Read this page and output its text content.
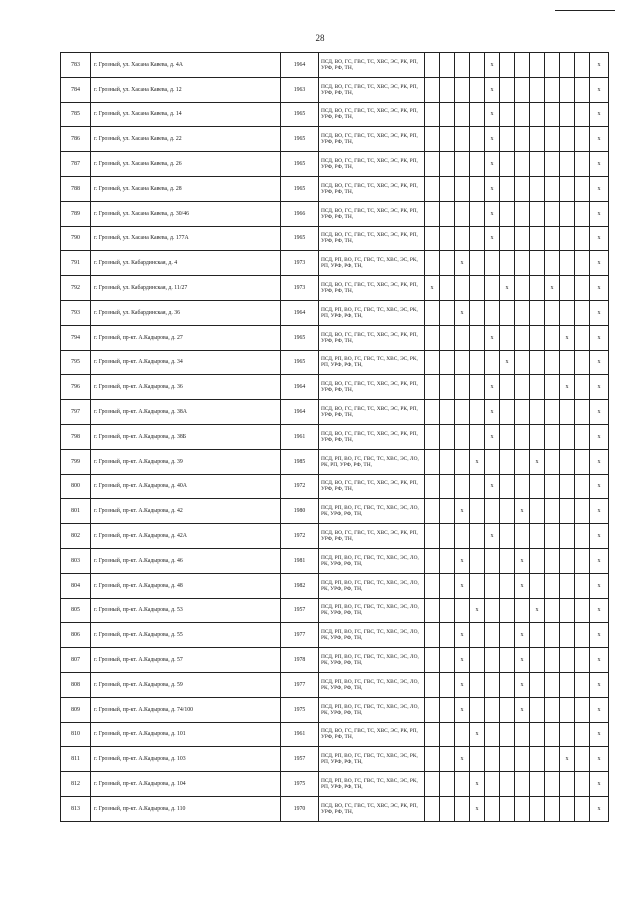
28
783	г. Грозный, ул. Хасана Кавева, д. 4А	1964	ПСД, ВО, ГС, ГВС, ТС, ХВС, ЭС, РК, РП, УРФ, РФ, ТН,					x							x
784	г. Грозный, ул. Хасана Кавева, д. 12	1963	ПСД, ВО, ГС, ГВС, ТС, ХВС, ЭС, РК, РП, УРФ, РФ, ТН,					x							x
785	г. Грозный, ул. Хасана Кавева, д. 14	1965	ПСД, ВО, ГС, ГВС, ТС, ХВС, ЭС, РК, РП, УРФ, РФ, ТН,					x							x
786	г. Грозный, ул. Хасана Кавева, д. 22	1965	ПСД, ВО, ГС, ГВС, ТС, ХВС, ЭС, РК, РП, УРФ, РФ, ТН,					x							x
787	г. Грозный, ул. Хасана Кавева, д. 26	1965	ПСД, ВО, ГС, ГВС, ТС, ХВС, ЭС, РК, РП, УРФ, РФ, ТН,					x							x
788	г. Грозный, ул. Хасана Кавева, д. 28	1965	ПСД, ВО, ГС, ГВС, ТС, ХВС, ЭС, РК, РП, УРФ, РФ, ТН,					x							x
789	г. Грозный, ул. Хасана Кавева, д. 30/46	1966	ПСД, ВО, ГС, ГВС, ТС, ХВС, ЭС, РК, РП, УРФ, РФ, ТН,					x							x
790	г. Грозный, ул. Хасана Кавева, д. 177А	1965	ПСД, ВО, ГС, ГВС, ТС, ХВС, ЭС, РК, РП, УРФ, РФ, ТН,					x							x
791	г. Грозный, ул. Кабардинская, д. 4	1973	ПСД, РП, ВО, ГС, ГВС, ТС, ХВС, ЭС, РК, РП, УРФ, РФ, ТН,			x									x
792	г. Грозный, ул. Кабардинская, д. 11/27	1973	ПСД, ВО, ГС, ГВС, ТС, ХВС, ЭС, РК, РП, УРФ, РФ, ТН,	x					x			x			x
793	г. Грозный, ул. Кабардинская, д. 36	1964	ПСД, РП, ВО, ГС, ГВС, ТС, ХВС, ЭС, РК, РП, УРФ, РФ, ТН,			x									x
794	г. Грозный, пр-кт. А.Кадырова, д. 27	1965	ПСД, ВО, ГС, ГВС, ТС, ХВС, ЭС, РК, РП, УРФ, РФ, ТН,					x					x		x
795	г. Грозный, пр-кт. А.Кадырова, д. 34	1965	ПСД, РП, ВО, ГС, ГВС, ТС, ХВС, ЭС, РК, РП, УРФ, РФ, ТН,						x						x
796	г. Грозный, пр-кт. А.Кадырова, д. 36	1964	ПСД, ВО, ГС, ГВС, ТС, ХВС, ЭС, РК, РП, УРФ, РФ, ТН,					x					x		x
797	г. Грозный, пр-кт. А.Кадырова, д. 38А	1964	ПСД, ВО, ГС, ГВС, ТС, ХВС, ЭС, РК, РП, УРФ, РФ, ТН,					x							x
798	г. Грозный, пр-кт. А.Кадырова, д. 38Б	1961	ПСД, ВО, ГС, ГВС, ТС, ХВС, ЭС, РК, РП, УРФ, РФ, ТН,					x							x
799	г. Грозный, пр-кт. А.Кадырова, д. 39	1985	ПСД, РП, ВО, ГС, ГВС, ТС, ХВС, ЭС, ЛО, РК, РП, УРФ, РФ, ТН,				x				x				x
800	г. Грозный, пр-кт. А.Кадырова, д. 40А	1972	ПСД, ВО, ГС, ГВС, ТС, ХВС, ЭС, РК, РП, УРФ, РФ, ТН,					x							x
801	г. Грозный, пр-кт. А.Кадырова, д. 42	1980	ПСД, РП, ВО, ГС, ГВС, ТС, ХВС, ЭС, ЛО, РК, УРФ, РФ, ТН,			x				x					x
802	г. Грозный, пр-кт. А.Кадырова, д. 42А	1972	ПСД, ВО, ГС, ГВС, ТС, ХВС, ЭС, РК, РП, УРФ, РФ, ТН,					x							x
803	г. Грозный, пр-кт. А.Кадырова, д. 46	1981	ПСД, РП, ВО, ГС, ГВС, ТС, ХВС, ЭС, ЛО, РК, УРФ, РФ, ТН,			x				x					x
804	г. Грозный, пр-кт. А.Кадырова, д. 48	1982	ПСД, РП, ВО, ГС, ГВС, ТС, ХВС, ЭС, ЛО, РК, УРФ, РФ, ТН,			x				x					x
805	г. Грозный, пр-кт. А.Кадырова, д. 53	1957	ПСД, РП, ВО, ГС, ГВС, ТС, ХВС, ЭС, ЛО, РК, УРФ, РФ, ТН,				x				x				x
806	г. Грозный, пр-кт. А.Кадырова, д. 55	1977	ПСД, РП, ВО, ГС, ГВС, ТС, ХВС, ЭС, ЛО, РК, УРФ, РФ, ТН,			x				x					x
807	г. Грозный, пр-кт. А.Кадырова, д. 57	1978	ПСД, РП, ВО, ГС, ГВС, ТС, ХВС, ЭС, ЛО, РК, УРФ, РФ, ТН,			x				x					x
808	г. Грозный, пр-кт. А.Кадырова, д. 59	1977	ПСД, РП, ВО, ГС, ГВС, ТС, ХВС, ЭС, ЛО, РК, УРФ, РФ, ТН,			x				x					x
809	г. Грозный, пр-кт. А.Кадырова, д. 74/100	1975	ПСД, РП, ВО, ГС, ГВС, ТС, ХВС, ЭС, ЛО, РК, УРФ, РФ, ТН,			x				x					x
810	г. Грозный, пр-кт. А.Кадырова, д. 101	1961	ПСД, ВО, ГС, ГВС, ТС, ХВС, ЭС, РК, РП, УРФ, РФ, ТН,				x								x
811	г. Грозный, пр-кт. А.Кадырова, д. 103	1957	ПСД, РП, ВО, ГС, ГВС, ТС, ХВС, ЭС, РК, РП, УРФ, РФ, ТН,			x							x		x
812	г. Грозный, пр-кт. А.Кадырова, д. 104	1975	ПСД, РП, ВО, ГС, ГВС, ТС, ХВС, ЭС, РК, РП, УРФ, РФ, ТН,				x								x
813	г. Грозный, пр-кт. А.Кадырова, д. 110	1970	ПСД, ВО, ГС, ГВС, ТС, ХВС, ЭС, РК, РП, УРФ, РФ, ТН,				x								x
